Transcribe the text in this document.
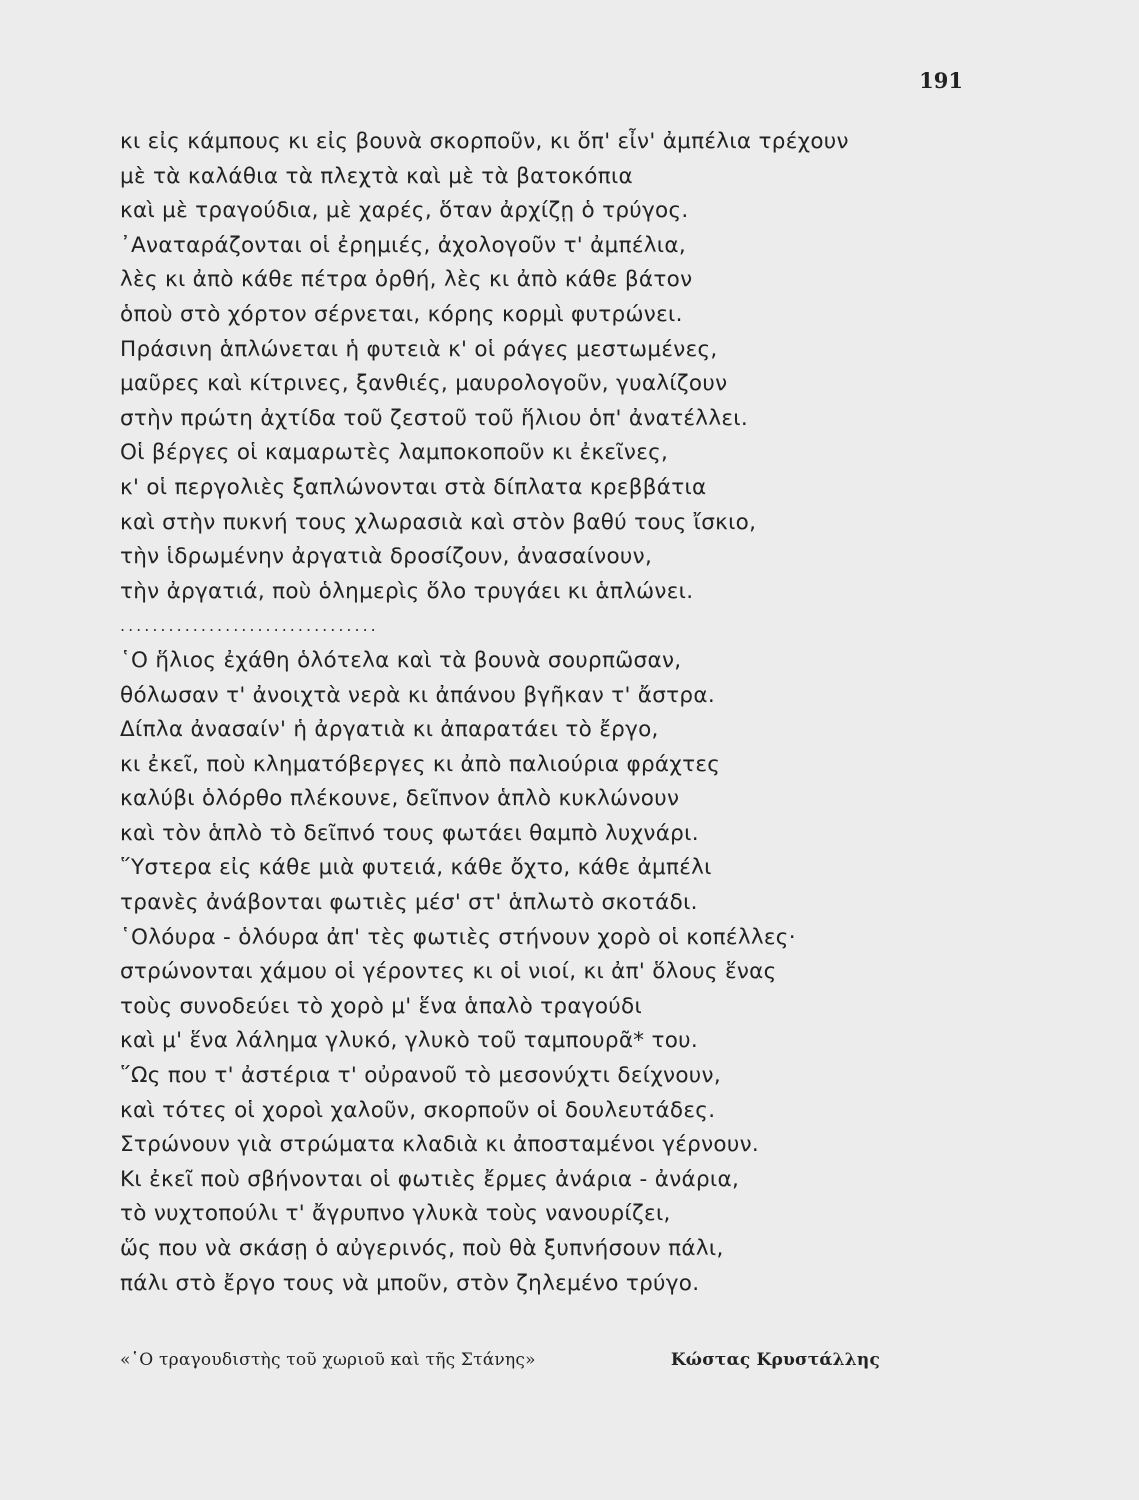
191
κι εἰς κάμπους κι εἰς βουνὰ σκορποῦν, κι ὅπ' εἶν' ἀμπέλια τρέχουν
μὲ τὰ καλάθια τὰ πλεχτὰ καὶ μὲ τὰ βατοκόπια
καὶ μὲ τραγούδια, μὲ χαρές, ὅταν ἀρχίζῃ ὁ τρύγος.
᾿Αναταράζονται οἱ ἐρημιές, ἀχολογοῦν τ' ἀμπέλια,
λὲς κι ἀπὸ κάθε πέτρα ὀρθή, λὲς κι ἀπὸ κάθε βάτον
ὁποὺ στὸ χόρτον σέρνεται, κόρης κορμὶ φυτρώνει.
Πράσινη ἁπλώνεται ἡ φυτειὰ κ' οἱ ράγες μεστωμένες,
μαῦρες καὶ κίτρινες, ξανθιές, μαυρολογοῦν, γυαλίζουν
στὴν πρώτη ἀχτίδα τοῦ ζεστοῦ τοῦ ἥλιου ὁπ' ἀνατέλλει.
Οἱ βέργες οἱ καμαρωτὲς λαμποκοποῦν κι ἐκεῖνες,
κ' οἱ περγολιὲς ξαπλώνονται στὰ δίπλατα κρεββάτια
καὶ στὴν πυκνή τους χλωρασιὰ καὶ στὸν βαθύ τους ἴσκιο,
τὴν ἱδρωμένην ἀργατιὰ δροσίζουν, ἀνασαίνουν,
τὴν ἀργατιά, ποὺ ὁλημερὶς ὅλο τρυγάει κι ἁπλώνει.
................................
῾Ο ἥλιος ἐχάθη ὁλότελα καὶ τὰ βουνὰ σουρπῶσαν,
θόλωσαν τ' ἀνοιχτὰ νερὰ κι ἀπάνου βγῆκαν τ' ἄστρα.
Δίπλα ἀνασαίν' ἡ ἀργατιὰ κι ἀπαρατάει τὸ ἔργο,
κι ἐκεῖ, ποὺ κληματόβεργες κι ἀπὸ παλιούρια φράχτες
καλύβι ὁλόρθο πλέκουνε, δεῖπνον ἁπλὸ κυκλώνουν
καὶ τὸν ἁπλὸ τὸ δεῖπνό τους φωτάει θαμπὸ λυχνάρι.
῞Υστερα εἰς κάθε μιὰ φυτειά, κάθε ὄχτο, κάθε ἀμπέλι
τρανὲς ἀνάβονται φωτιὲς μέσ' στ' ἁπλωτὸ σκοτάδι.
῾Ολόυρα - ὁλόυρα ἀπ' τὲς φωτιὲς στήνουν χορὸ οἱ κοπέλλες·
στρώνονται χάμου οἱ γέροντες κι οἱ νιοί, κι ἀπ' ὅλους ἕνας
τοὺς συνοδεύει τὸ χορὸ μ' ἕνα ἁπαλὸ τραγούδι
καὶ μ' ἕνα λάλημα γλυκό, γλυκὸ τοῦ ταμπουρᾶ* του.
῞Ως που τ' ἀστέρια τ' οὐρανοῦ τὸ μεσονύχτι δείχνουν,
καὶ τότες οἱ χοροὶ χαλοῦν, σκορποῦν οἱ δουλευτάδες.
Στρώνουν γιὰ στρώματα κλαδιὰ κι ἀποσταμένοι γέρνουν.
Κι ἐκεῖ ποὺ σβήνονται οἱ φωτιὲς ἔρμες ἀνάρια - ἀνάρια,
τὸ νυχτοπούλι τ' ἄγρυπνο γλυκὰ τοὺς νανουρίζει,
ὥς που νὰ σκάσῃ ὁ αὐγερινός, ποὺ θὰ ξυπνήσουν πάλι,
πάλι στὸ ἔργο τους νὰ μποῦν, στὸν ζηλεμένο τρύγο.
«῾Ο τραγουδιστὴς τοῦ χωριοῦ καὶ τῆς Στάνης»	Κώστας Κρυστάλλης
